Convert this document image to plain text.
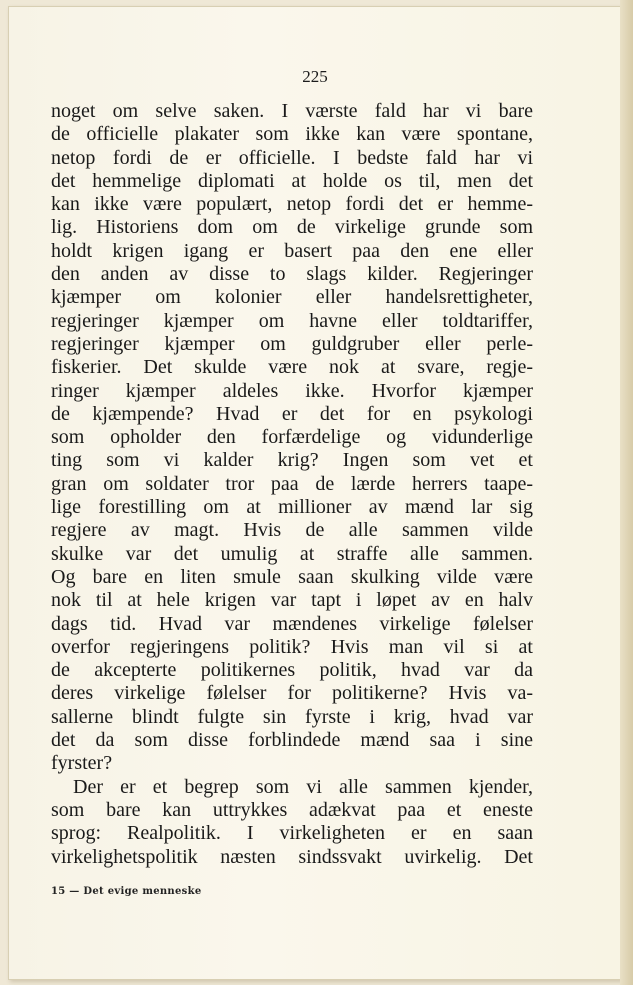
225
noget om selve saken. I værste fald har vi bare
de officielle plakater som ikke kan være spontane,
netop fordi de er officielle. I bedste fald har vi
det hemmelige diplomati at holde os til, men det
kan ikke være populært, netop fordi det er hemme-
lig. Historiens dom om de virkelige grunde som
holdt krigen igang er basert paa den ene eller
den anden av disse to slags kilder. Regjeringer
kjæmper om kolonier eller handelsrettigheter,
regjeringer kjæmper om havne eller toldtariffer,
regjeringer kjæmper om guldgruber eller perle-
fiskerier. Det skulde være nok at svare, regje-
ringer kjæmper aldeles ikke. Hvorfor kjæmper
de kjæmpende? Hvad er det for en psykologi
som opholder den forfærdelige og vidunderlige
ting som vi kalder krig? Ingen som vet et
gran om soldater tror paa de lærde herrers taape-
lige forestilling om at millioner av mænd lar sig
regjere av magt. Hvis de alle sammen vilde
skulke var det umulig at straffe alle sammen.
Og bare en liten smule saan skulking vilde være
nok til at hele krigen var tapt i løpet av en halv
dags tid. Hvad var mændenes virkelige følelser
overfor regjeringens politik? Hvis man vil si at
de akcepterte politikernes politik, hvad var da
deres virkelige følelser for politikerne? Hvis va-
sallerne blindt fulgte sin fyrste i krig, hvad var
det da som disse forblindede mænd saa i sine
fyrster?
Der er et begrep som vi alle sammen kjender,
som bare kan uttrykkes adækvat paa et eneste
sprog: Realpolitik. I virkeligheten er en saan
virkelighetspolitik næsten sindssvakt uvirkelig. Det
15 — Det evige menneske
